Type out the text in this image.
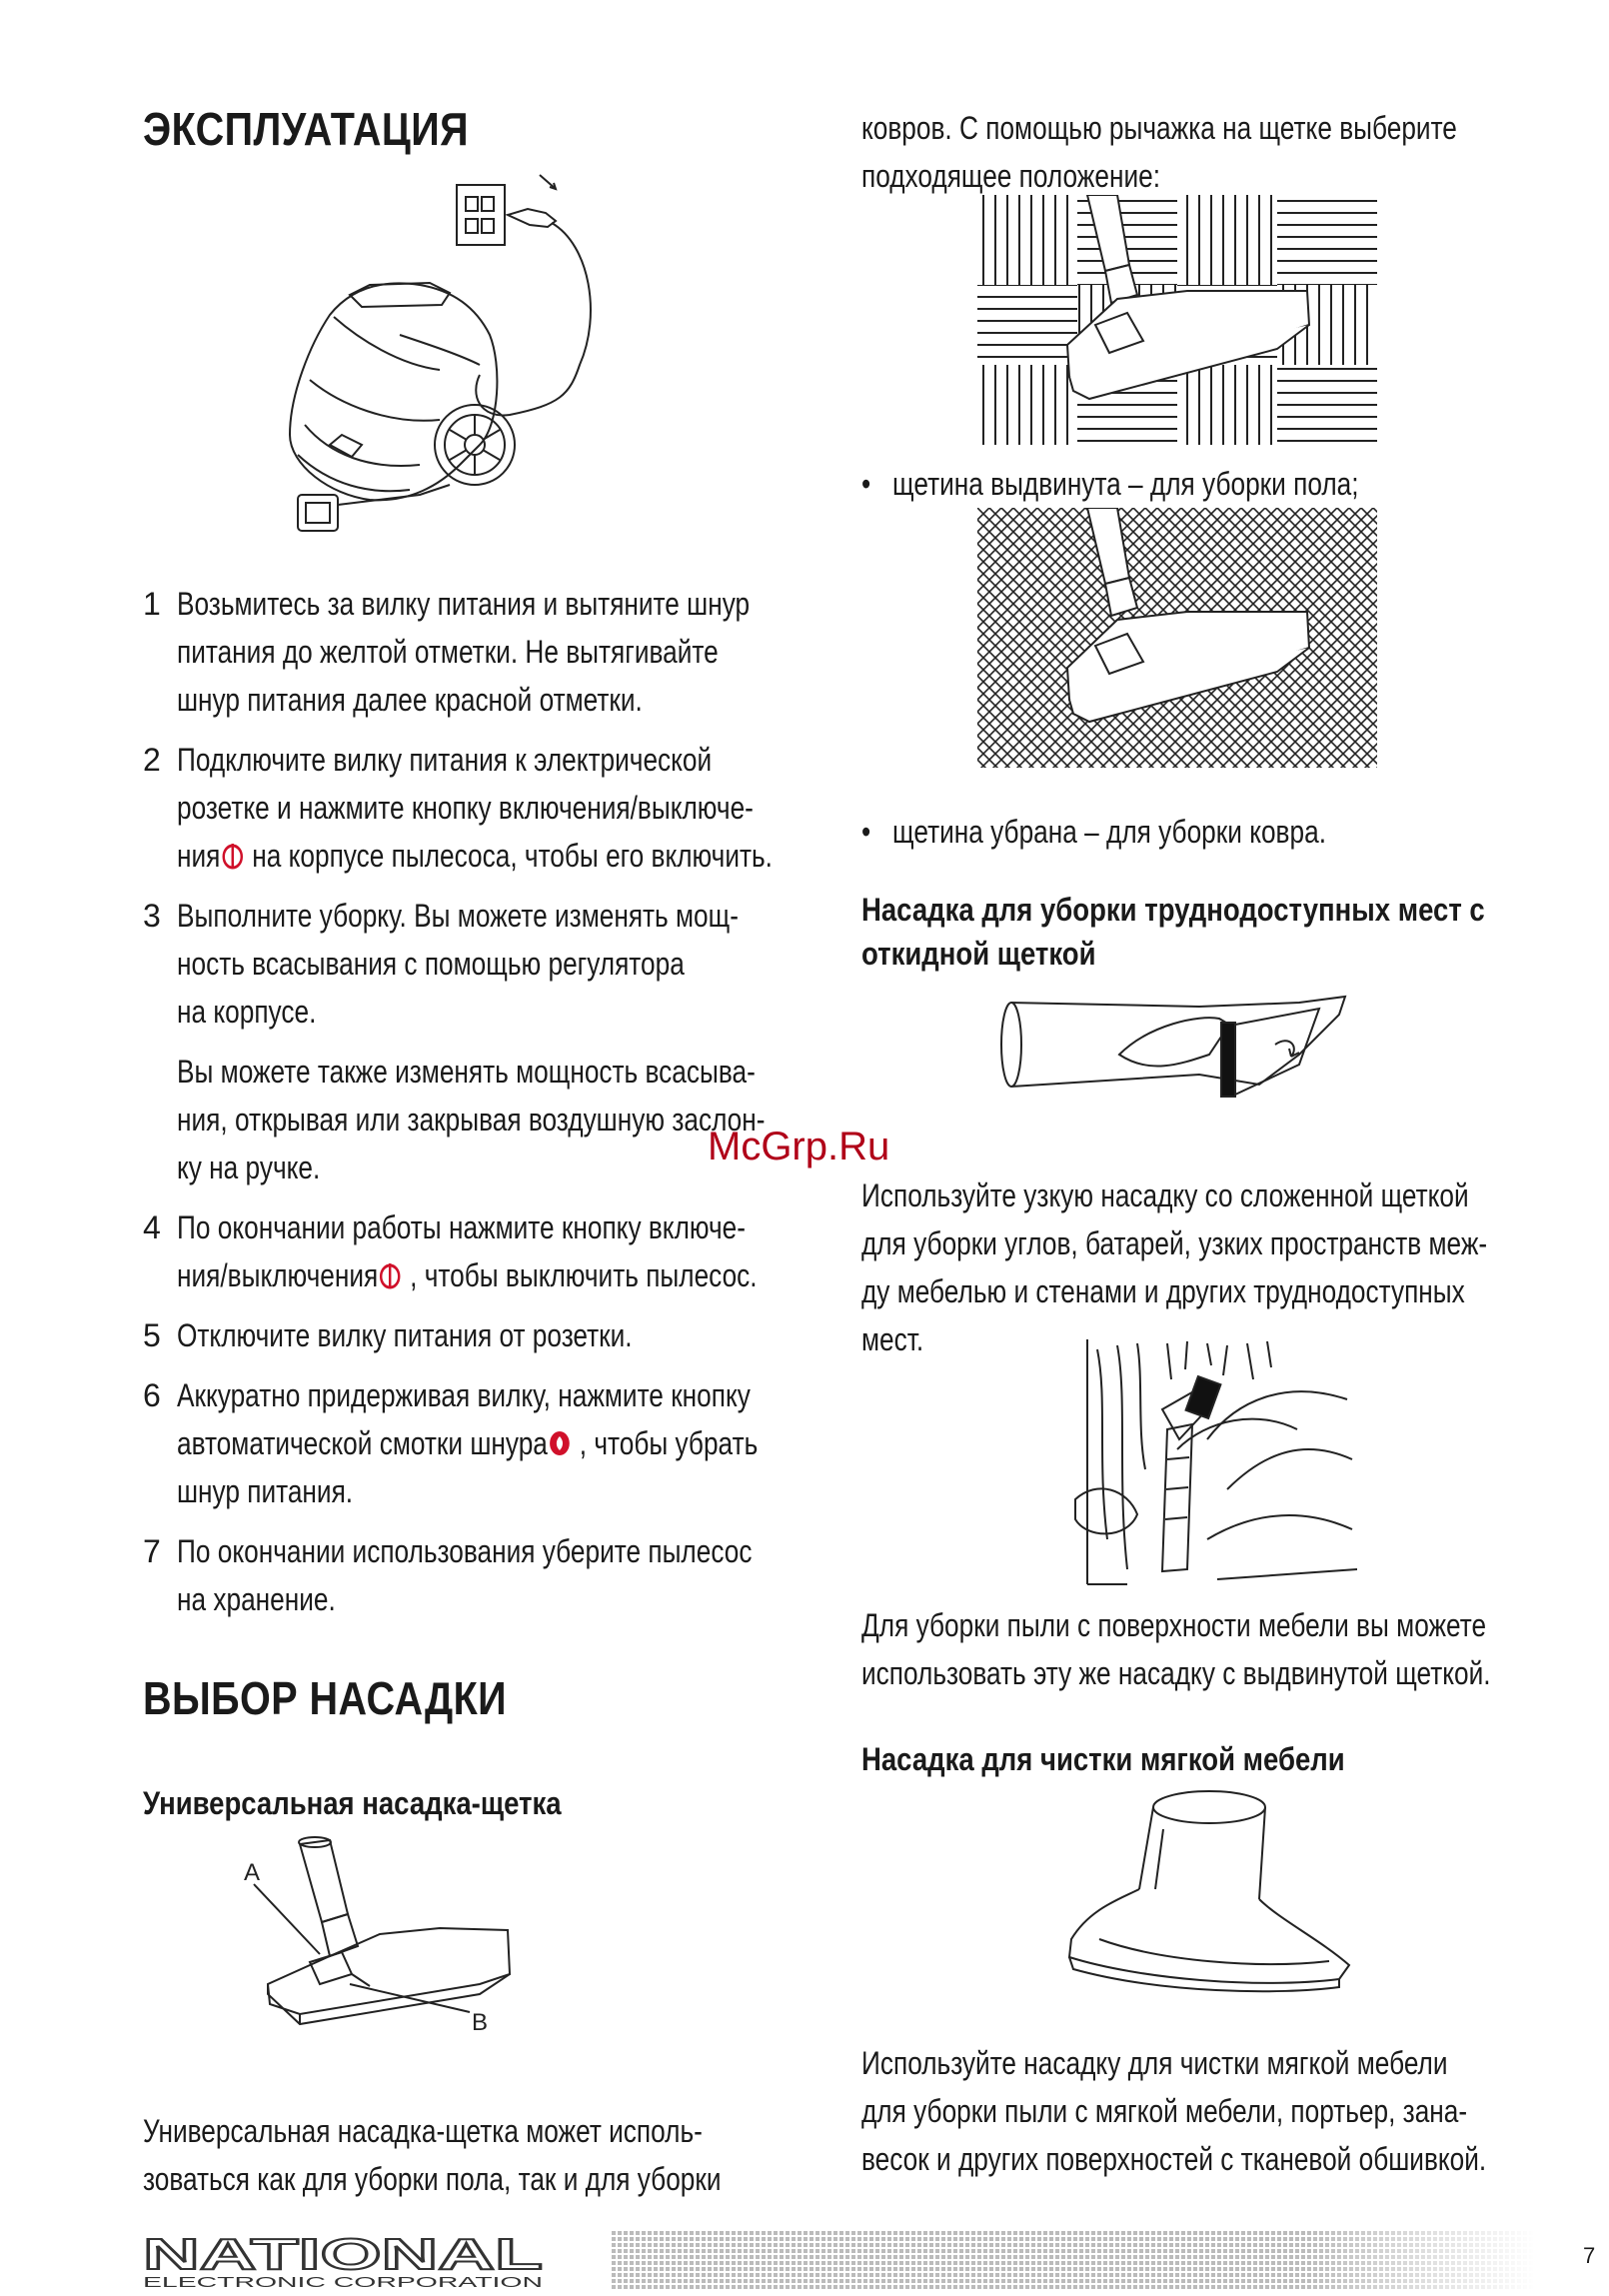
ЭКСПЛУАТАЦИЯ
1 Возьмитесь за вилку питания и вытяните шнур
питания до желтой отметки. Не вытягивайте
шнур питания далее красной отметки.
2 Подключите вилку питания к электрической
розетке и нажмите кнопку включения/выключе-
ния на корпусе пылесоса, чтобы его включить.
3 Выполните уборку. Вы можете изменять мощ-
ность всасывания с помощью регулятора
на корпусе.
Вы можете также изменять мощность всасыва-
ния, открывая или закрывая воздушную заслон-
ку на ручке.
4 По окончании работы нажмите кнопку включе-
ния/выключения , чтобы выключить пылесос.
5 Отключите вилку питания от розетки.
6 Аккуратно придерживая вилку, нажмите кнопку
автоматической смотки шнура , чтобы убрать
шнур питания.
7 По окончании использования уберите пылесос
на хранение.
ВЫБОР НАСАДКИ
Универсальная насадка-щетка
A
B
Универсальная насадка-щетка может исполь-
зоваться как для уборки пола, так и для уборки
ковров. С помощью рычажка на щетке выберите
подходящее положение:
•   щетина выдвинута – для уборки пола;
•   щетина убрана – для уборки ковра.
Насадка для уборки труднодоступных мест с
откидной щеткой
McGrp.Ru
Используйте узкую насадку со сложенной щеткой
для уборки углов, батарей, узких пространств меж-
ду мебелью и стенами и других труднодоступных
мест.
Для уборки пыли с поверхности мебели вы можете
использовать эту же насадку с выдвинутой щеткой.
Насадка для чистки мягкой мебели
Используйте насадку для чистки мягкой мебели
для уборки пыли с мягкой мебели, портьер, зана-
весок и других поверхностей с тканевой обшивкой.
NATIONAL
ELECTRONIC CORPORATION
7
